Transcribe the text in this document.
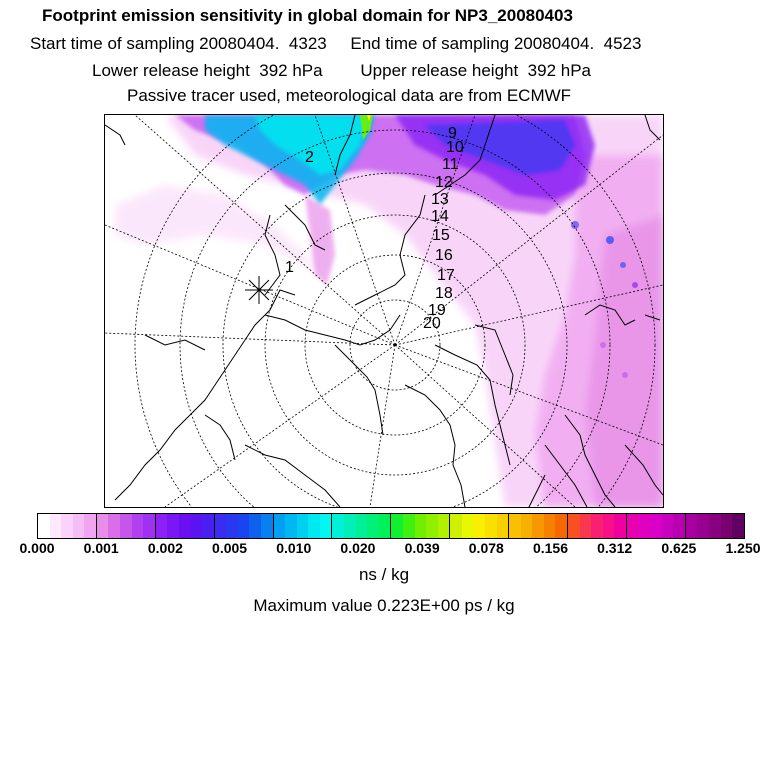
Footprint emission sensitivity in global domain for NP3_20080403
Start time of sampling 20080404.  4323     End time of sampling 20080404.  4523
Lower release height  392 hPa        Upper release height  392 hPa
Passive tracer used, meteorological data are from ECMWF
1
2
9
10
11
12
13
14
15
16
17
18
19
20
0.000 0.001 0.002 0.005 0.010 0.020 0.039 0.078 0.156 0.312 0.625 1.250
ns / kg
Maximum value 0.223E+00 ps / kg
